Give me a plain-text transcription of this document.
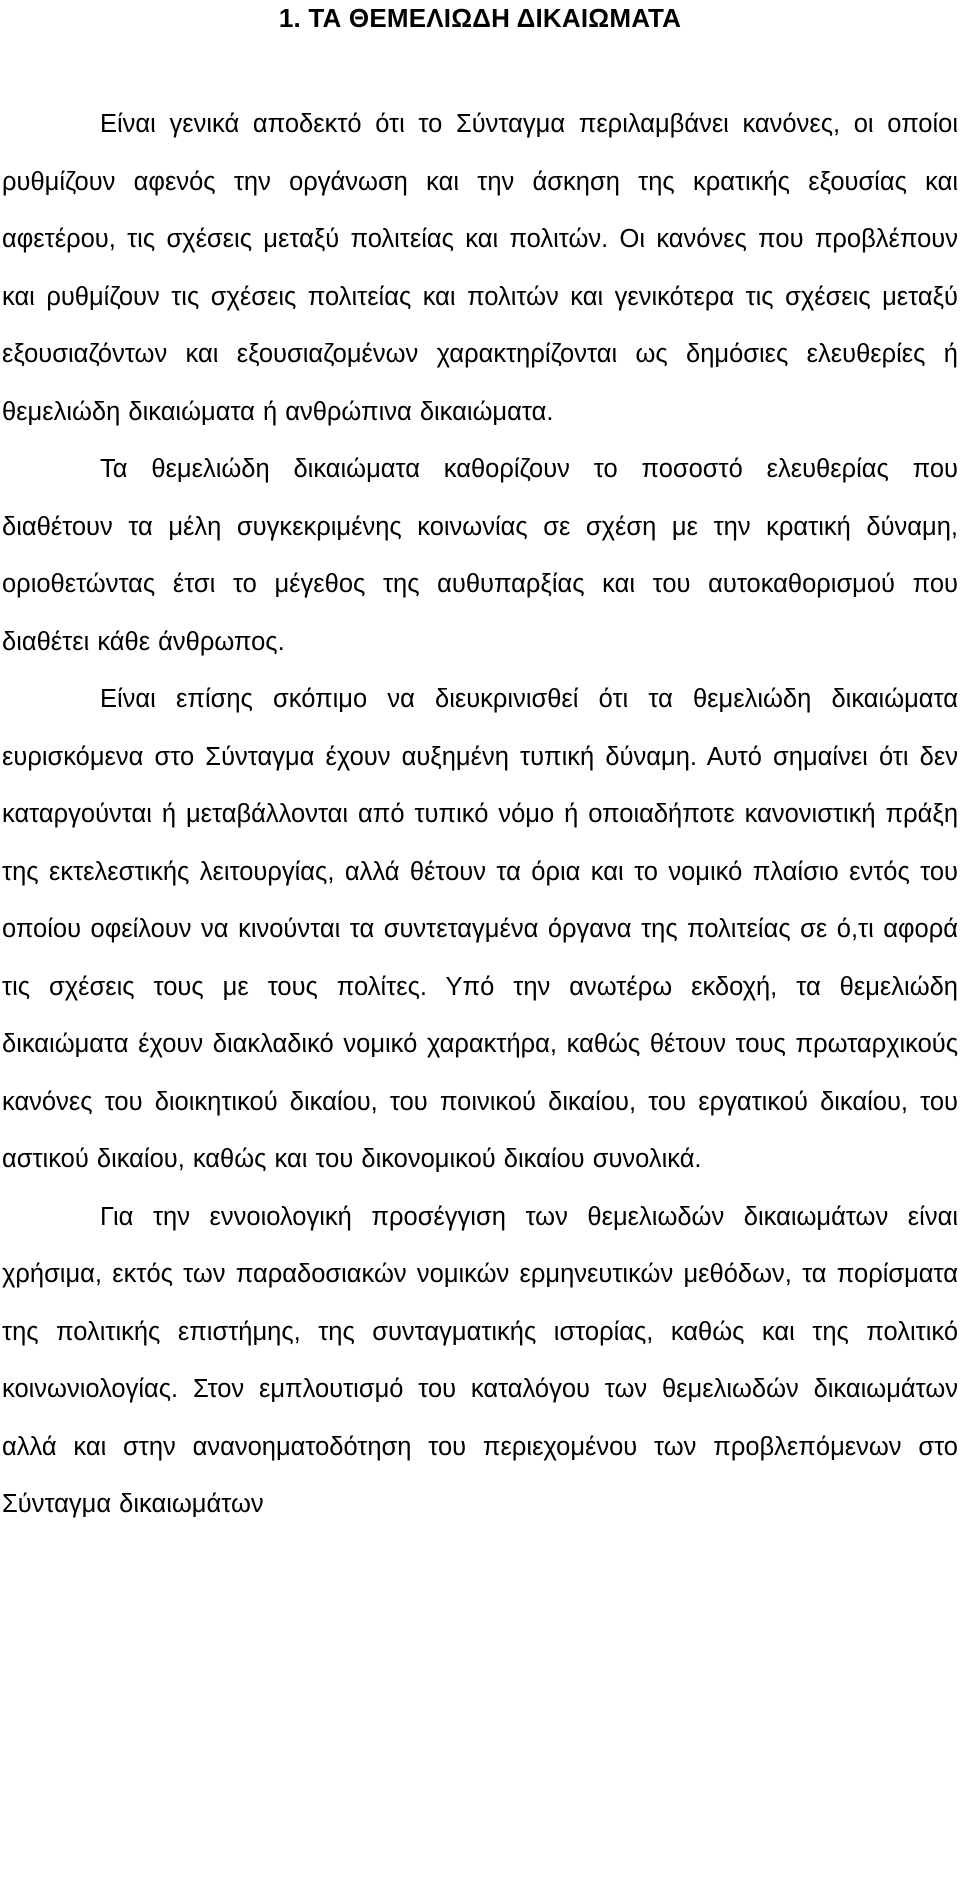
1. ΤΑ ΘΕΜΕΛΙΩΔΗ ΔΙΚΑΙΩΜΑΤΑ

Είναι γενικά αποδεκτό ότι το Σύνταγμα περιλαμβάνει κανόνες, οι οποίοι ρυθμίζουν αφενός την οργάνωση και την άσκηση της κρατικής εξουσίας και αφετέρου, τις σχέσεις μεταξύ πολιτείας και πολιτών. Οι κανόνες που προβλέπουν και ρυθμίζουν τις σχέσεις πολιτείας και πολιτών και γενικότερα τις σχέσεις μεταξύ εξουσιαζόντων και εξουσιαζομένων χαρακτηρίζονται ως δημόσιες ελευθερίες ή θεμελιώδη δικαιώματα ή ανθρώπινα δικαιώματα.

Τα θεμελιώδη δικαιώματα καθορίζουν το ποσοστό ελευθερίας που διαθέτουν τα μέλη συγκεκριμένης κοινωνίας σε σχέση με την κρατική δύναμη, οριοθετώντας έτσι το μέγεθος της αυθυπαρξίας και του αυτοκαθορισμού που διαθέτει κάθε άνθρωπος.

Είναι επίσης σκόπιμο να διευκρινισθεί ότι τα θεμελιώδη δικαιώματα ευρισκόμενα στο Σύνταγμα έχουν αυξημένη τυπική δύναμη. Αυτό σημαίνει ότι δεν καταργούνται ή μεταβάλλονται από τυπικό νόμο ή οποιαδήποτε κανονιστική πράξη της εκτελεστικής λειτουργίας, αλλά θέτουν τα όρια και το νομικό πλαίσιο εντός του οποίου οφείλουν να κινούνται τα συντεταγμένα όργανα της πολιτείας σε ό,τι αφορά τις σχέσεις τους με τους πολίτες. Υπό την ανωτέρω εκδοχή, τα θεμελιώδη δικαιώματα έχουν διακλαδικό νομικό χαρακτήρα, καθώς θέτουν τους πρωταρχικούς κανόνες του διοικητικού δικαίου, του ποινικού δικαίου, του εργατικού δικαίου, του αστικού δικαίου, καθώς και του δικονομικού δικαίου συνολικά.

Για την εννοιολογική προσέγγιση των θεμελιωδών δικαιωμάτων είναι χρήσιμα, εκτός των παραδοσιακών νομικών ερμηνευτικών μεθόδων, τα πορίσματα της πολιτικής επιστήμης, της συνταγματικής ιστορίας, καθώς και της πολιτικό κοινωνιολογίας. Στον εμπλουτισμό του καταλόγου των θεμελιωδών δικαιωμάτων αλλά και στην ανανοηματοδότηση του περιεχομένου των προβλεπόμενων στο Σύνταγμα δικαιωμάτων
